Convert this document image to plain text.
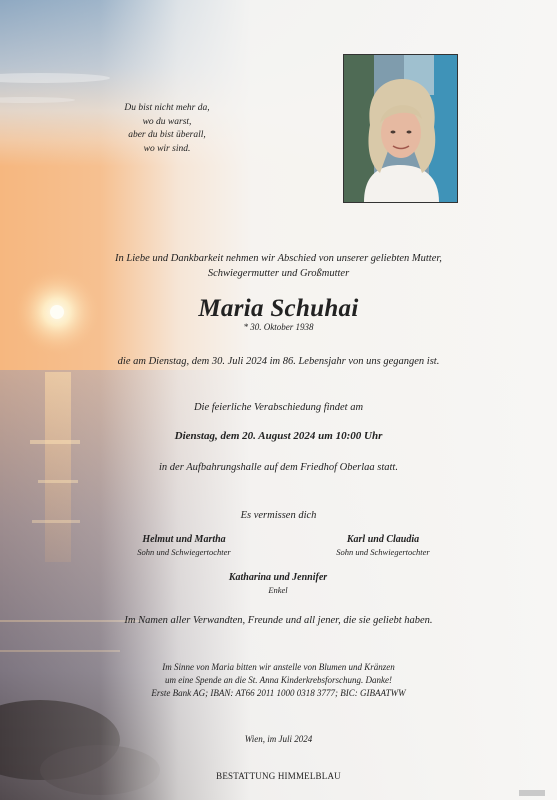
Du bist nicht mehr da,
wo du warst,
aber du bist überall,
wo wir sind.
In Liebe und Dankbarkeit nehmen wir Abschied von unserer geliebten Mutter,
Schwiegermutter und Großmutter
Maria Schuhai
* 30. Oktober 1938
die am Dienstag, dem 30. Juli 2024 im 86. Lebensjahr von uns gegangen ist.
Die feierliche Verabschiedung findet am
Dienstag, dem 20. August 2024 um 10:00 Uhr
in der Aufbahrungshalle auf dem Friedhof Oberlaa statt.
Es vermissen dich
Helmut und Martha
Sohn und Schwiegertochter
Karl und Claudia
Sohn und Schwiegertochter
Katharina und Jennifer
Enkel
Im Namen aller Verwandten, Freunde und all jener, die sie geliebt haben.
Im Sinne von Maria bitten wir anstelle von Blumen und Kränzen
um eine Spende an die St. Anna Kinderkrebsforschung. Danke!
Erste Bank AG; IBAN: AT66 2011 1000 0318 3777; BIC: GIBAATWW
Wien, im Juli 2024
BESTATTUNG HIMMELBLAU
